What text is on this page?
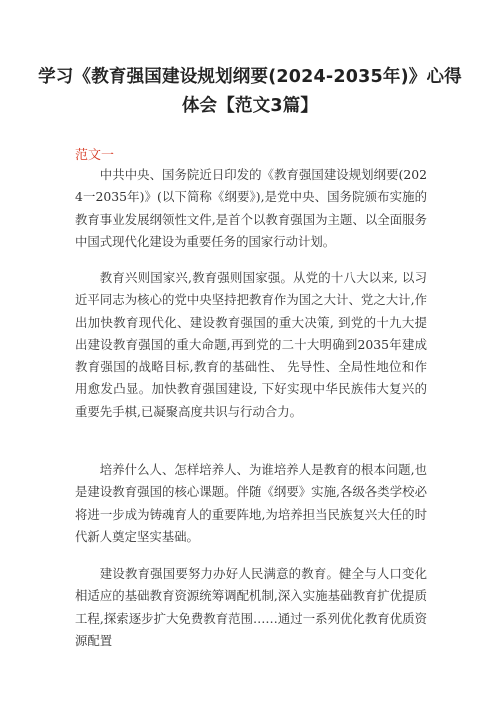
学习《教育强国建设规划纲要(2024-2035年)》心得
体会【范文3篇】
范文一

中共中央、国务院近日印发的《教育强国建设规划纲要(2024一2035年)》(以下简称《纲要》),是党中央、国务院颁布实施的教育事业发展纲领性文件,是首个以教育强国为主题、以全面服务中国式现代化建设为重要任务的国家行动计划。

教育兴则国家兴,教育强则国家强。从党的十八大以来, 以习近平同志为核心的党中央坚持把教育作为国之大计、党之大计,作出加快教育现代化、建设教育强国的重大决策, 到党的十九大提出建设教育强国的重大命题,再到党的二十大明确到2035年建成教育强国的战略目标,教育的基础性、 先导性、全局性地位和作用愈发凸显。加快教育强国建设, 下好实现中华民族伟大复兴的重要先手棋,已凝聚高度共识与行动合力。

培养什么人、怎样培养人、为谁培养人是教育的根本问题,也是建设教育强国的核心课题。伴随《纲要》实施,各级各类学校必将进一步成为铸魂育人的重要阵地,为培养担当民族复兴大任的时代新人奠定坚实基础。

建设教育强国要努力办好人民满意的教育。健全与人口变化相适应的基础教育资源统筹调配机制,深入实施基础教育扩优提质工程,探索逐步扩大免费教育范围……通过一系列优化教育优质资源配置
